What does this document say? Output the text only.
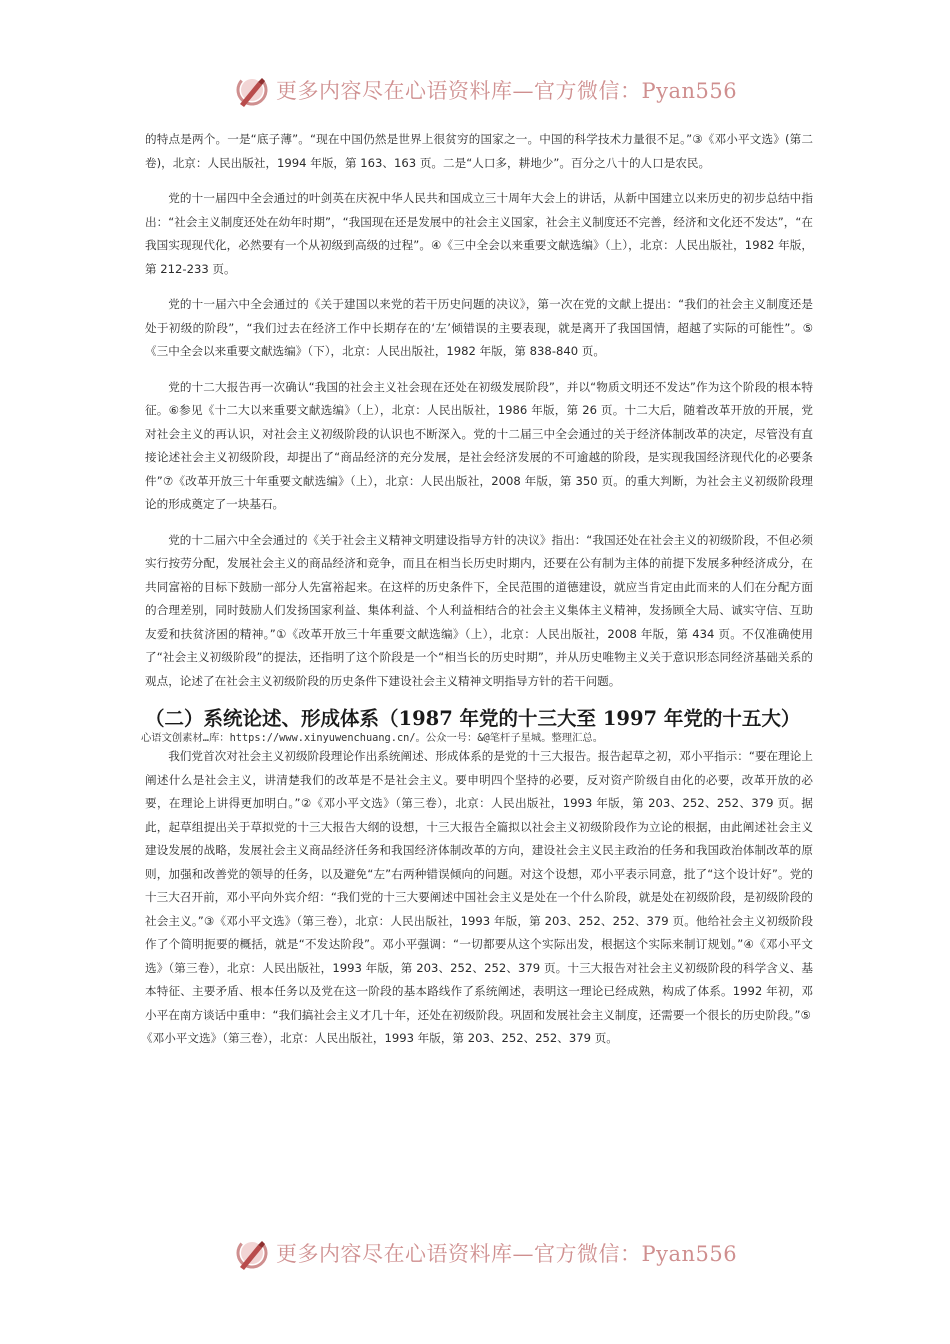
更多内容尽在心语资料库—官方微信：Pyan556

的特点是两个。一是“底子薄”。“现在中国仍然是世界上很贫穷的国家之一。中国的科学技术力量很不足。”③《邓小平文选》(第二卷)，北京：人民出版社，1994 年版，第 163、163 页。二是“人口多，耕地少”。百分之八十的人口是农民。

党的十一届四中全会通过的叶剑英在庆祝中华人民共和国成立三十周年大会上的讲话，从新中国建立以来历史的初步总结中指出：“社会主义制度还处在幼年时期”，“我国现在还是发展中的社会主义国家，社会主义制度还不完善，经济和文化还不发达”，“在我国实现现代化，必然要有一个从初级到高级的过程”。④《三中全会以来重要文献选编》（上），北京：人民出版社，1982 年版，第 212-233 页。

党的十一届六中全会通过的《关于建国以来党的若干历史问题的决议》，第一次在党的文献上提出：“我们的社会主义制度还是处于初级的阶段”，“我们过去在经济工作中长期存在的‘左’倾错误的主要表现，就是离开了我国国情，超越了实际的可能性”。⑤《三中全会以来重要文献选编》（下），北京：人民出版社，1982 年版，第 838-840 页。

党的十二大报告再一次确认“我国的社会主义社会现在还处在初级发展阶段”，并以“物质文明还不发达”作为这个阶段的根本特征。⑥参见《十二大以来重要文献选编》（上），北京：人民出版社，1986 年版，第 26 页。十二大后，随着改革开放的开展，党对社会主义的再认识，对社会主义初级阶段的认识也不断深入。党的十二届三中全会通过的关于经济体制改革的决定，尽管没有直接论述社会主义初级阶段，却提出了“商品经济的充分发展，是社会经济发展的不可逾越的阶段，是实现我国经济现代化的必要条件”⑦《改革开放三十年重要文献选编》（上），北京：人民出版社，2008 年版，第 350 页。的重大判断，为社会主义初级阶段理论的形成奠定了一块基石。

党的十二届六中全会通过的《关于社会主义精神文明建设指导方针的决议》指出：“我国还处在社会主义的初级阶段，不但必须实行按劳分配，发展社会主义的商品经济和竞争，而且在相当长历史时期内，还要在公有制为主体的前提下发展多种经济成分，在共同富裕的目标下鼓励一部分人先富裕起来。在这样的历史条件下，全民范围的道德建设，就应当肯定由此而来的人们在分配方面的合理差别，同时鼓励人们发扬国家利益、集体利益、个人利益相结合的社会主义集体主义精神，发扬顾全大局、诚实守信、互助友爱和扶贫济困的精神。”①《改革开放三十年重要文献选编》（上），北京：人民出版社，2008 年版，第 434 页。不仅准确使用了“社会主义初级阶段”的提法，还指明了这个阶段是一个“相当长的历史时期”，并从历史唯物主义关于意识形态同经济基础关系的观点，论述了在社会主义初级阶段的历史条件下建设社会主义精神文明指导方针的若干问题。

（二）系统论述、形成体系（1987 年党的十三大至 1997 年党的十五大）
心语文创素材…库：https://www.xinyuwenchuang.cn/。公众一号：&@笔杆子星城。整理汇总。

我们党首次对社会主义初级阶段理论作出系统阐述、形成体系的是党的十三大报告。报告起草之初，邓小平指示：“要在理论上阐述什么是社会主义，讲清楚我们的改革是不是社会主义。要申明四个坚持的必要，反对资产阶级自由化的必要，改革开放的必要，在理论上讲得更加明白。”②《邓小平文选》（第三卷），北京：人民出版社，1993 年版，第 203、252、252、379 页。据此，起草组提出关于草拟党的十三大报告大纲的设想，十三大报告全篇拟以社会主义初级阶段作为立论的根据，由此阐述社会主义建设发展的战略，发展社会主义商品经济任务和我国经济体制改革的方向，建设社会主义民主政治的任务和我国政治体制改革的原则，加强和改善党的领导的任务，以及避免“左”右两种错误倾向的问题。对这个设想，邓小平表示同意，批了“这个设计好”。党的十三大召开前，邓小平向外宾介绍：“我们党的十三大要阐述中国社会主义是处在一个什么阶段，就是处在初级阶段，是初级阶段的社会主义。”③《邓小平文选》（第三卷），北京：人民出版社，1993 年版，第 203、252、252、379 页。他给社会主义初级阶段作了个简明扼要的概括，就是“不发达阶段”。邓小平强调：“一切都要从这个实际出发，根据这个实际来制订规划。”④《邓小平文选》（第三卷），北京：人民出版社，1993 年版，第 203、252、252、379 页。十三大报告对社会主义初级阶段的科学含义、基本特征、主要矛盾、根本任务以及党在这一阶段的基本路线作了系统阐述，表明这一理论已经成熟，构成了体系。1992 年初，邓小平在南方谈话中重申：“我们搞社会主义才几十年，还处在初级阶段。巩固和发展社会主义制度，还需要一个很长的历史阶段。”⑤

《邓小平文选》（第三卷），北京：人民出版社，1993 年版，第 203、252、252、379 页。

更多内容尽在心语资料库—官方微信：Pyan556
